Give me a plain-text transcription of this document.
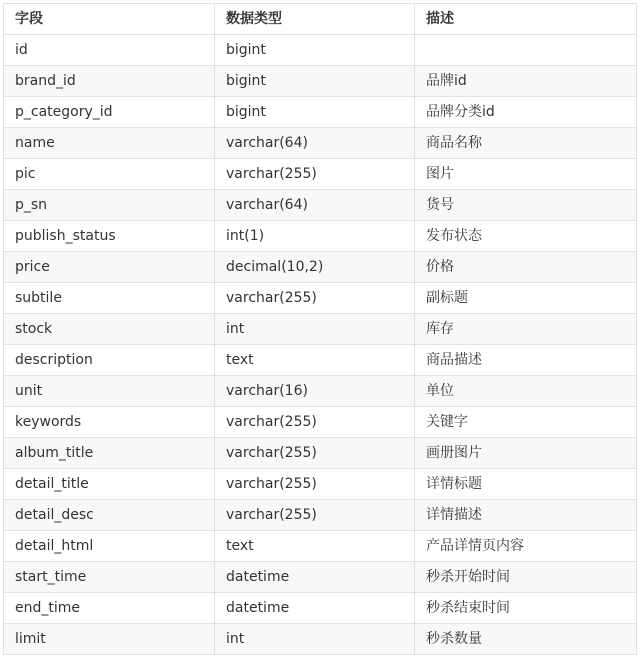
字段	数据类型	描述
id	bigint	
brand_id	bigint	品牌id
p_category_id	bigint	品牌分类id
name	varchar(64)	商品名称
pic	varchar(255)	图片
p_sn	varchar(64)	货号
publish_status	int(1)	发布状态
price	decimal(10,2)	价格
subtile	varchar(255)	副标题
stock	int	库存
description	text	商品描述
unit	varchar(16)	单位
keywords	varchar(255)	关键字
album_title	varchar(255)	画册图片
detail_title	varchar(255)	详情标题
detail_desc	varchar(255)	详情描述
detail_html	text	产品详情页内容
start_time	datetime	秒杀开始时间
end_time	datetime	秒杀结束时间
limit	int	秒杀数量
